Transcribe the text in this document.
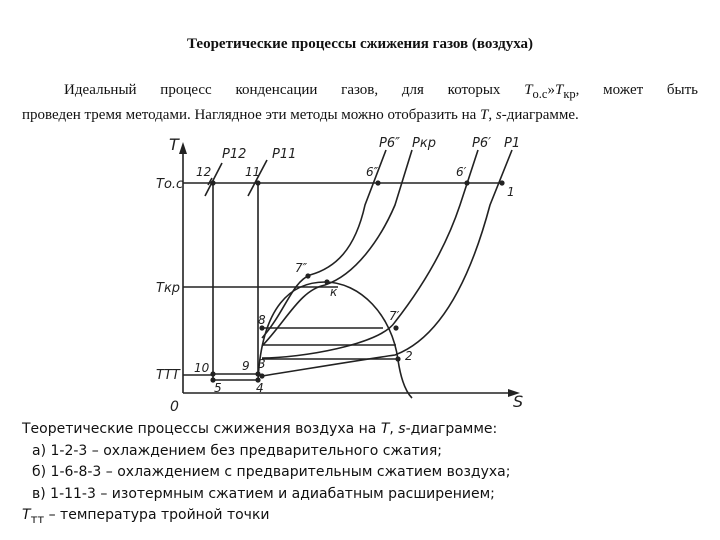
Теоретические процессы сжижения газов (воздуха)
Идеальный процесс конденсации газов, для которых $T_{о.с}»T_{кр}$, может быть
проведен тремя методами. Наглядное эти методы можно отобразить на T, s-диаграмме.
T
S
0
Tо.с
Tкр
TТТ
P12 P11
P6″ Pкр	P6′ P1
12	11	6″	6′
1
7″
к
8	7′
10	9 3
2
5	4
Теоретические процессы сжижения воздуха на T, s-диаграмме:
а) 1-2-3 – охлаждением без предварительного сжатия;
б) 1-6-8-3 – охлаждением с предварительным сжатием воздуха;
в) 1-11-3 – изотермным сжатием и адиабатным расширением;
$T_{тт}$ – температура тройной точки
